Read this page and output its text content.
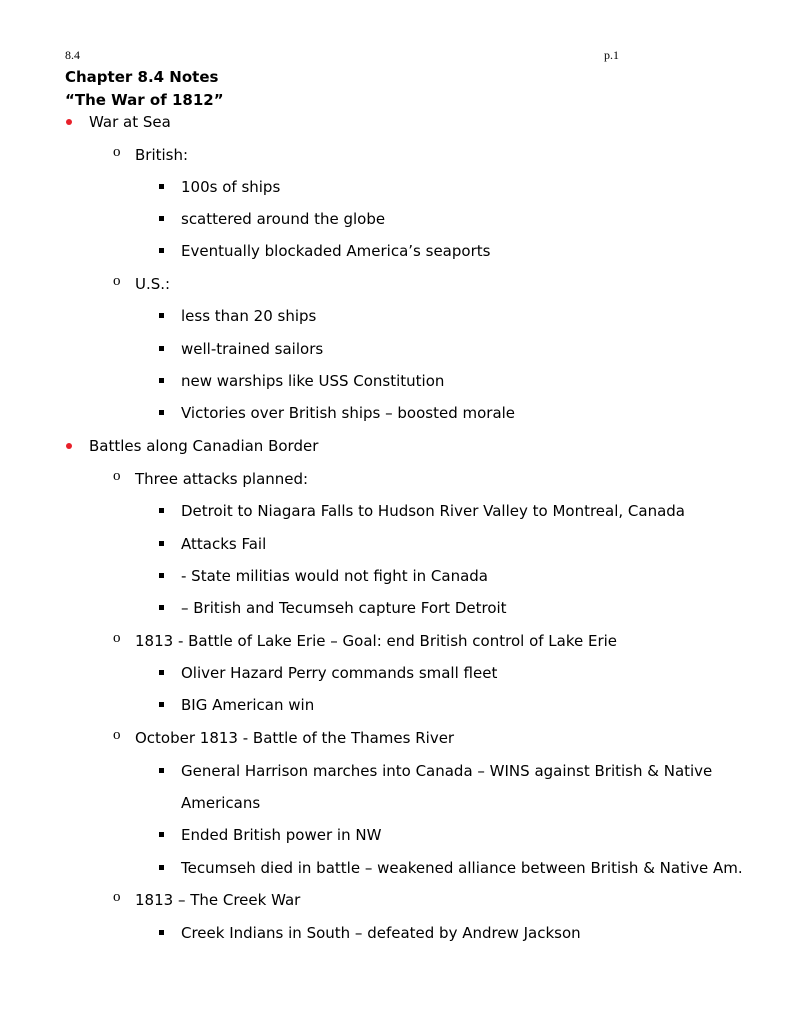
8.4	p.1
Chapter 8.4 Notes
“The War of 1812”
War at Sea
o British:
100s of ships
scattered around the globe
Eventually blockaded America’s seaports
o U.S.:
less than 20 ships
well-trained sailors
new warships like USS Constitution
Victories over British ships – boosted morale
Battles along Canadian Border
o Three attacks planned:
Detroit to Niagara Falls to Hudson River Valley to Montreal, Canada
Attacks Fail
- State militias would not fight in Canada
– British and Tecumseh capture Fort Detroit
o 1813 - Battle of Lake Erie – Goal: end British control of Lake Erie
Oliver Hazard Perry commands small fleet
BIG American win
o October 1813 - Battle of the Thames River
General Harrison marches into Canada – WINS against British & Native
Americans
Ended British power in NW
Tecumseh died in battle – weakened alliance between British & Native Am.
o 1813 – The Creek War
Creek Indians in South – defeated by Andrew Jackson
